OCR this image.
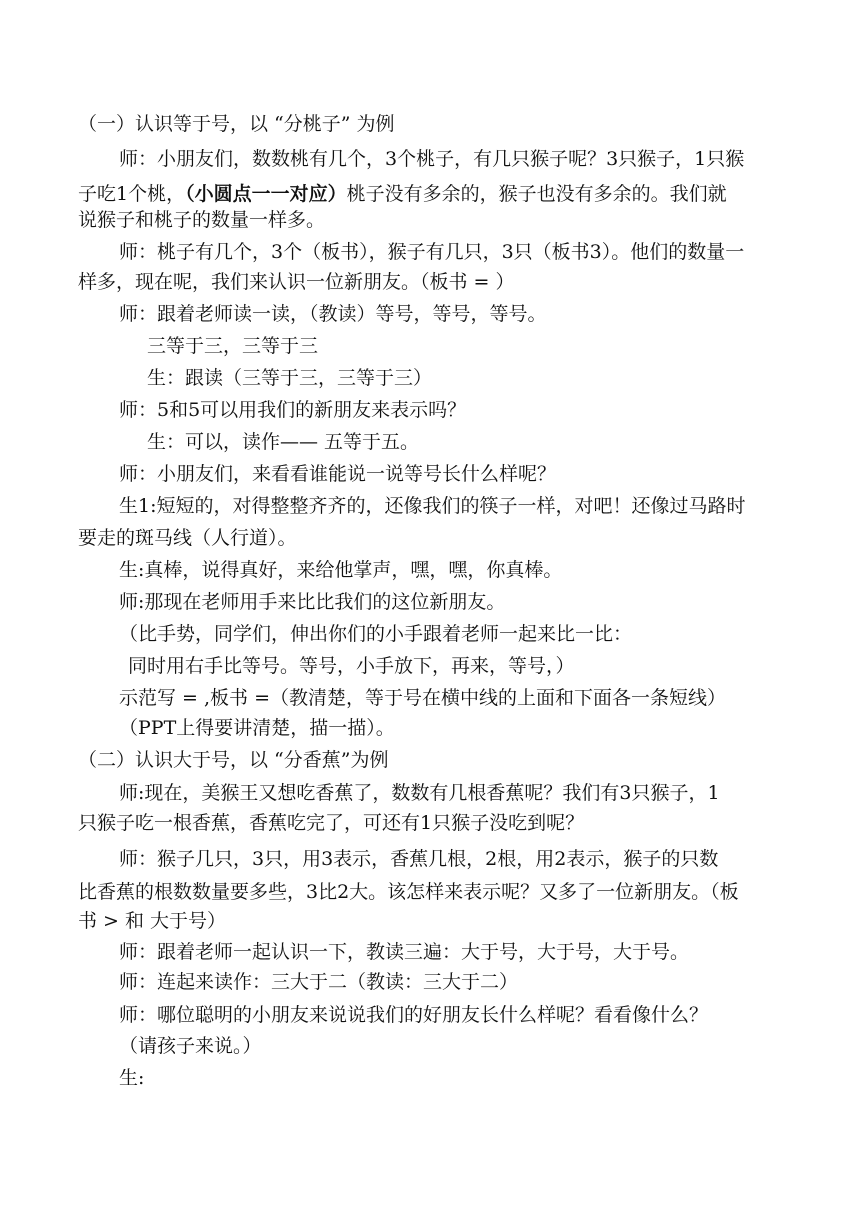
（一）认识等于号，以 “分桃子” 为例
师：小朋友们，数数桃有几个，3个桃子，有几只猴子呢？3只猴子，1只猴
子吃1个桃，（小圆点一一对应）桃子没有多余的，猴子也没有多余的。我们就
说猴子和桃子的数量一样多。
师：桃子有几个，3个（板书），猴子有几只，3只（板书3）。他们的数量一
样多，现在呢，我们来认识一位新朋友。（板书 = ）
师：跟着老师读一读，（教读）等号，等号，等号。
三等于三，三等于三
生：跟读（三等于三，三等于三）
师：5和5可以用我们的新朋友来表示吗？
生：可以，读作—— 五等于五。
师：小朋友们，来看看谁能说一说等号长什么样呢？
生1:短短的，对得整整齐齐的，还像我们的筷子一样，对吧！还像过马路时
要走的斑马线（人行道）。
生:真棒，说得真好，来给他掌声，嘿，嘿，你真棒。
师:那现在老师用手来比比我们的这位新朋友。
（比手势，同学们，伸出你们的小手跟着老师一起来比一比：
同时用右手比等号。等号，小手放下，再来，等号，）
示范写 = ,板书 =（教清楚，等于号在横中线的上面和下面各一条短线）
（PPT上得要讲清楚，描一描）。
（二）认识大于号，以 “分香蕉”为例
师:现在，美猴王又想吃香蕉了，数数有几根香蕉呢？我们有3只猴子，1
只猴子吃一根香蕉，香蕉吃完了，可还有1只猴子没吃到呢？
师：猴子几只，3只，用3表示，香蕉几根，2根，用2表示，猴子的只数
比香蕉的根数数量要多些，3比2大。该怎样来表示呢？又多了一位新朋友。（板
书 > 和 大于号）
师：跟着老师一起认识一下，教读三遍：大于号，大于号，大于号。
师：连起来读作：三大于二（教读：三大于二）
师：哪位聪明的小朋友来说说我们的好朋友长什么样呢？看看像什么？
（请孩子来说。）
生:
